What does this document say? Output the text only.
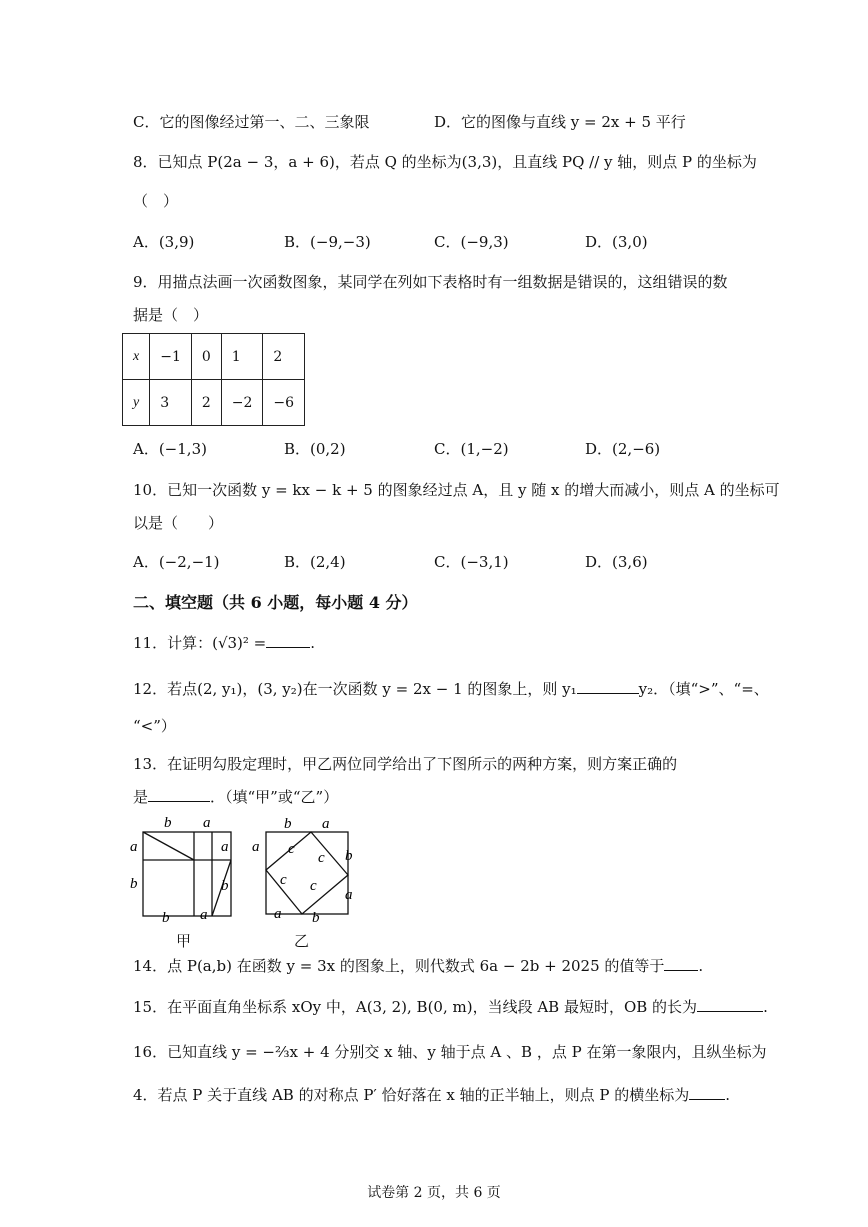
C．它的图像经过第一、二、三象限	D．它的图像与直线 y = 2x + 5 平行
8．已知点 P(2a − 3，a + 6)，若点 Q 的坐标为(3,3)，且直线 PQ // y 轴，则点 P 的坐标为
（　）
A．(3,9)	B．(−9,−3)	C．(−9,3)	D．(3,0)
9．用描点法画一次函数图象，某同学在列如下表格时有一组数据是错误的，这组错误的数
据是（　）
x	−1	0	1	2
y	3	2	−2	−6
A．(−1,3)	B．(0,2)	C．(1,−2)	D．(2,−6)
10．已知一次函数 y = kx − k + 5 的图象经过点 A，且 y 随 x 的增大而减小，则点 A 的坐标可
以是（　　）
A．(−2,−1)	B．(2,4)	C．(−3,1)	D．(3,6)
二、填空题（共 6 小题，每小题 4 分）
11．计算：(√3)² =	.
12．若点(2, y₁)，(3, y₂)在一次函数 y = 2x − 1 的图象上，则 y₁	y₂．（填“>”、“=、
“<”）
13．在证明勾股定理时，甲乙两位同学给出了下图所示的两种方案，则方案正确的
是	．（填“甲”或“乙”）
b a
a
b
a
b
b a
甲
b a
a
b
a
c
c
c c
a b
乙
14．点 P(a,b) 在函数 y = 3x 的图象上，则代数式 6a − 2b + 2025 的值等于 .
15．在平面直角坐标系 xOy 中，A(3, 2), B(0, m)，当线段 AB 最短时，OB 的长为	.
16．已知直线 y = −⅔x + 4 分别交 x 轴、y 轴于点 A 、B ，点 P 在第一象限内，且纵坐标为
4．若点 P 关于直线 AB 的对称点 P′ 恰好落在 x 轴的正半轴上，则点 P 的横坐标为 .
试卷第 2 页，共 6 页
